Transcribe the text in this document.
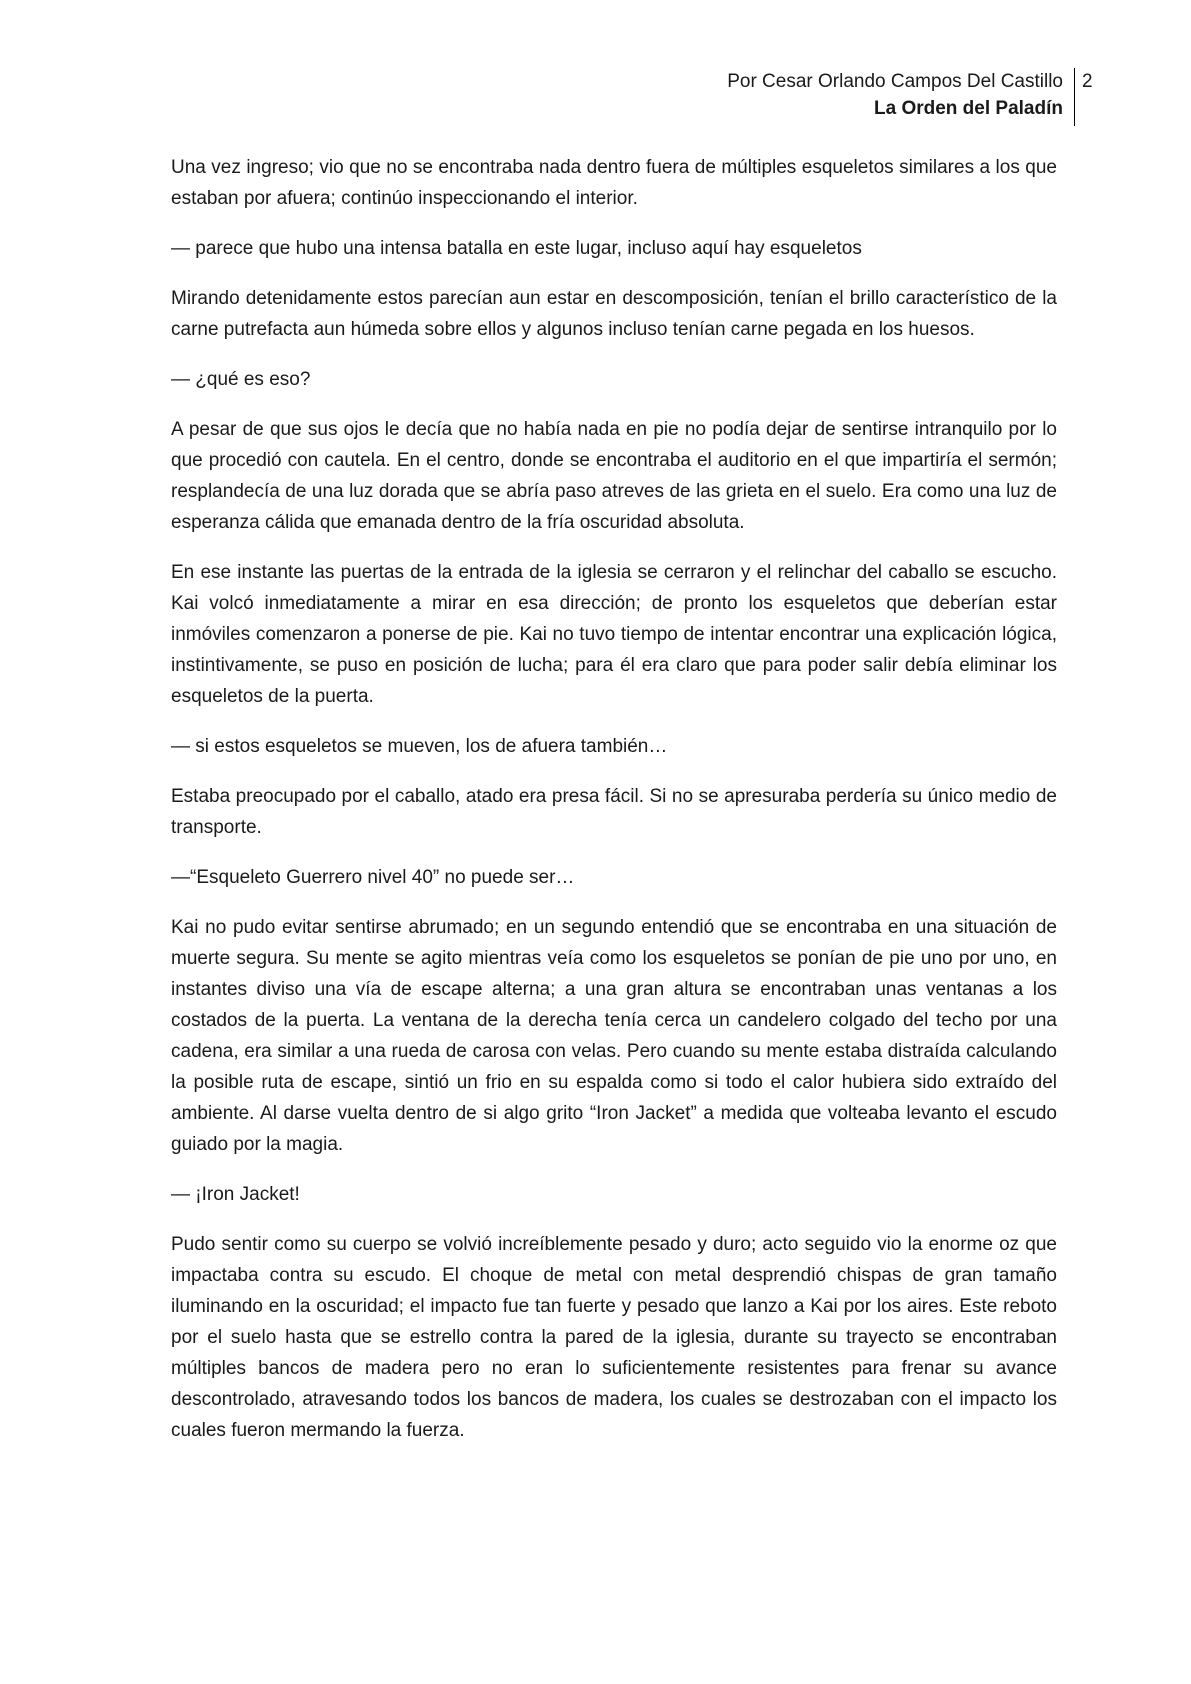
Por Cesar Orlando Campos Del Castillo
La Orden del Paladín
2

Una vez ingreso; vio que no se encontraba nada dentro fuera de múltiples esqueletos similares a los que estaban por afuera; continúo inspeccionando el interior.

— parece que hubo una intensa batalla en este lugar, incluso aquí hay esqueletos

Mirando detenidamente estos parecían aun estar en descomposición, tenían el brillo característico de la carne putrefacta aun húmeda sobre ellos y algunos incluso tenían carne pegada en los huesos.

— ¿qué es eso?

A pesar de que sus ojos le decía que no había nada en pie no podía dejar de sentirse intranquilo por lo que procedió con cautela. En el centro, donde se encontraba el auditorio en el que impartiría el sermón; resplandecía de una luz dorada que se abría paso atreves de las grieta en el suelo. Era como una luz de esperanza cálida que emanada dentro de la fría oscuridad absoluta.

En ese instante las puertas de la entrada de la iglesia se cerraron y el relinchar del caballo se escucho. Kai volcó inmediatamente a mirar en esa dirección; de pronto los esqueletos que deberían estar inmóviles comenzaron a ponerse de pie. Kai no tuvo tiempo de intentar encontrar una explicación lógica, instintivamente, se puso en posición de lucha; para él era claro que para poder salir debía eliminar los esqueletos de la puerta.

— si estos esqueletos se mueven, los de afuera también…

Estaba preocupado por el caballo, atado era presa fácil. Si no se apresuraba perdería su único medio de transporte.

—“Esqueleto Guerrero nivel 40” no puede ser…

Kai no pudo evitar sentirse abrumado; en un segundo entendió que se encontraba en una situación de muerte segura. Su mente se agito mientras veía como los esqueletos se ponían de pie uno por uno, en instantes diviso una vía de escape alterna; a una gran altura se encontraban unas ventanas a los costados de la puerta. La ventana de la derecha tenía cerca un candelero colgado del techo por una cadena, era similar a una rueda de carosa con velas. Pero cuando su mente estaba distraída calculando la posible ruta de escape, sintió un frio en su espalda como si todo el calor hubiera sido extraído del ambiente. Al darse vuelta dentro de si algo grito “Iron Jacket” a medida que volteaba levanto el escudo guiado por la magia.

— ¡Iron Jacket!

Pudo sentir como su cuerpo se volvió increíblemente pesado y duro; acto seguido vio la enorme oz que impactaba contra su escudo. El choque de metal con metal desprendió chispas de gran tamaño iluminando en la oscuridad; el impacto fue tan fuerte y pesado que lanzo a Kai por los aires. Este reboto por el suelo hasta que se estrello contra la pared de la iglesia, durante su trayecto se encontraban múltiples bancos de madera pero no eran lo suficientemente resistentes para frenar su avance descontrolado, atravesando todos los bancos de madera, los cuales se destrozaban con el impacto los cuales fueron mermando la fuerza.
